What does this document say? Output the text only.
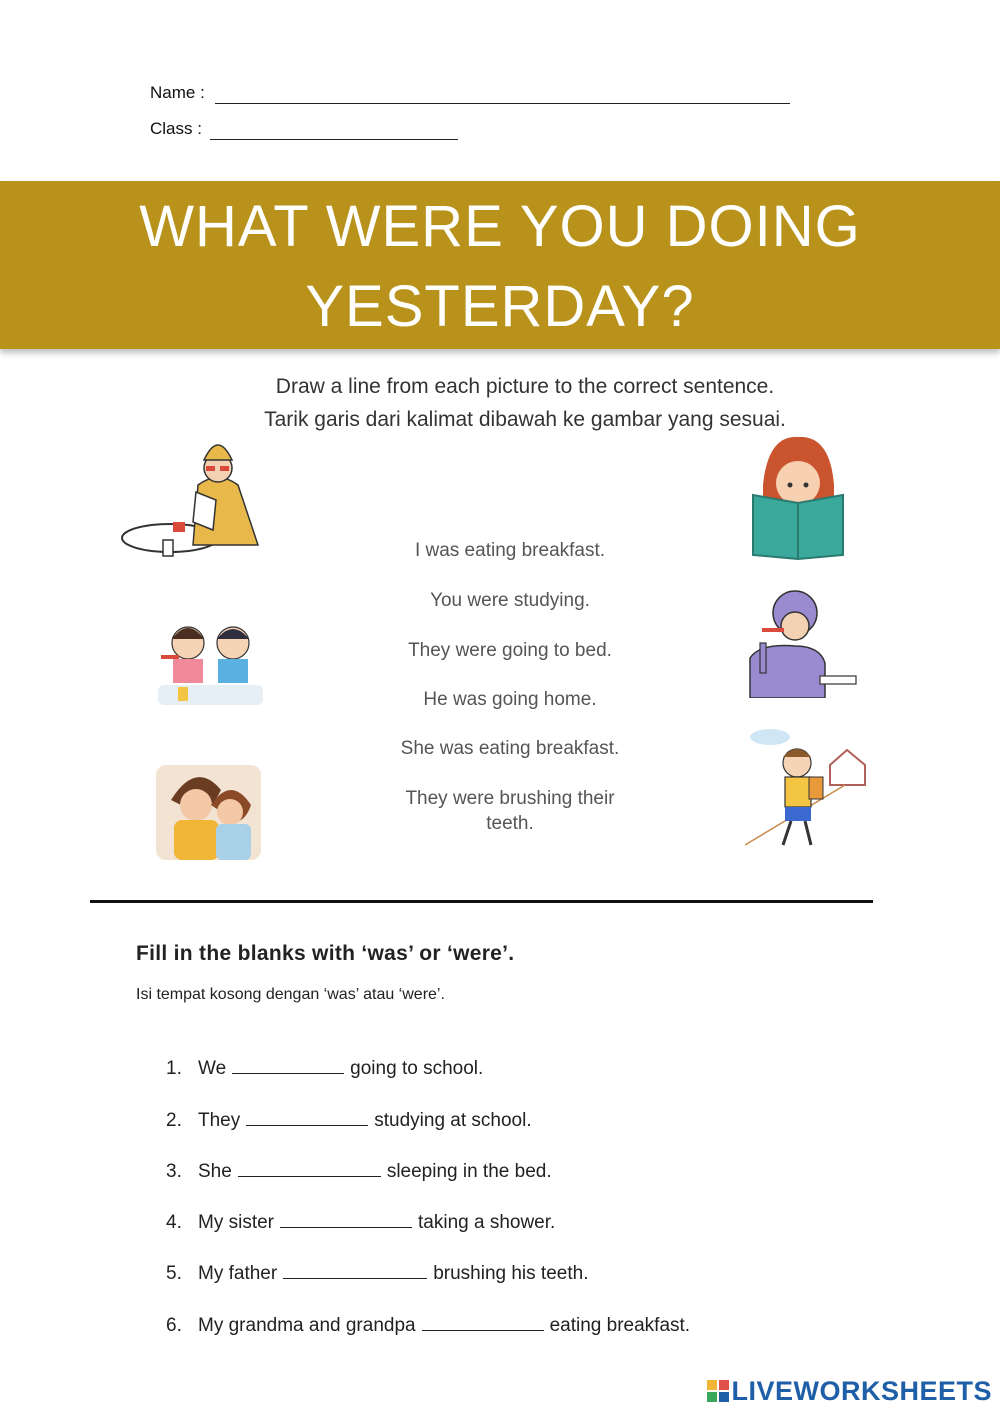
Name :
Class :
WHAT WERE YOU DOING
YESTERDAY?
Draw a line from each picture to the correct sentence.
Tarik garis dari kalimat dibawah ke gambar yang sesuai.
I was eating breakfast.
You were studying.
They were going to bed.
He was going home.
She was eating breakfast.
They were brushing their teeth.
Fill in the blanks with ‘was’ or ‘were’.
Isi tempat kosong dengan ‘was’ atau ‘were’.
1. We	going to school.
2. They	studying at school.
3. She	sleeping in the bed.
4. My sister	taking a shower.
5. My father	brushing his teeth.
6. My grandma and grandpa	eating breakfast.
LIVEWORKSHEETS
